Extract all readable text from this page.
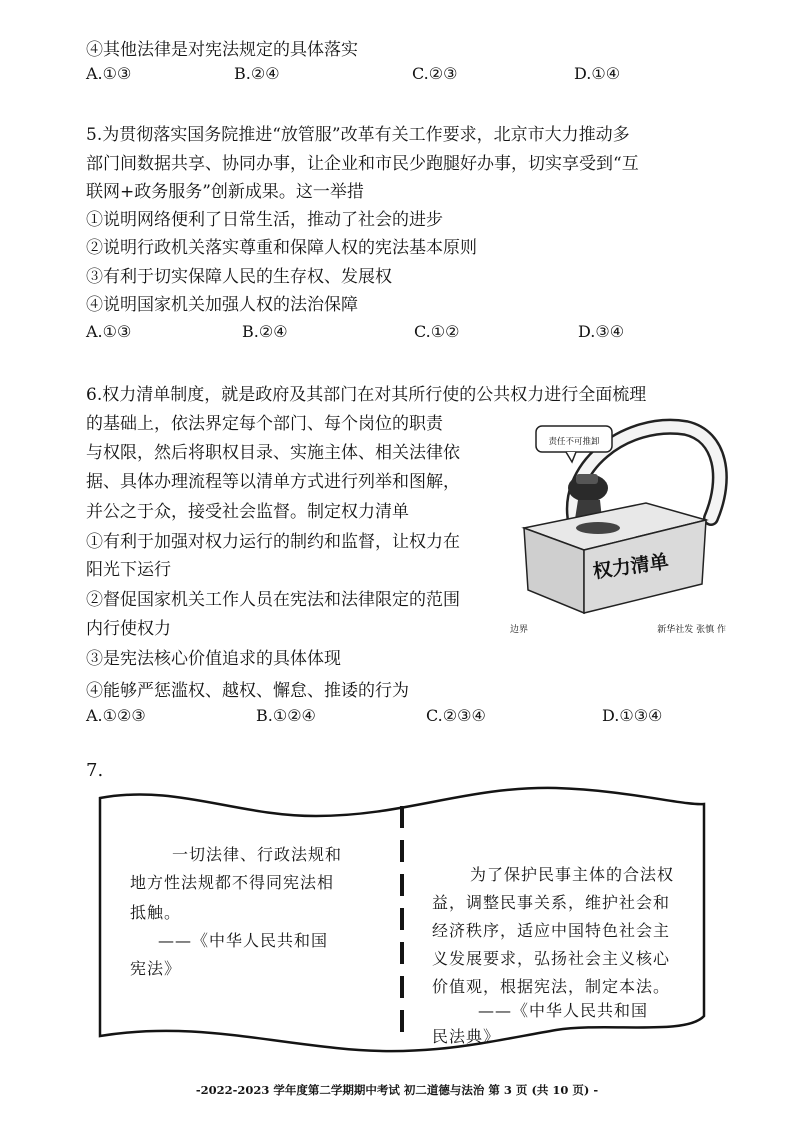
④其他法律是对宪法规定的具体落实
A.①③	B.②④	C.②③	D.①④
5.为贯彻落实国务院推进“放管服”改革有关工作要求，北京市大力推动多
部门间数据共享、协同办事，让企业和市民少跑腿好办事，切实享受到“互
联网+政务服务”创新成果。这一举措
①说明网络便利了日常生活，推动了社会的进步
②说明行政机关落实尊重和保障人权的宪法基本原则
③有利于切实保障人民的生存权、发展权
④说明国家机关加强人权的法治保障
A.①③	B.②④	C.①②	D.③④
6.权力清单制度，就是政府及其部门在对其所行使的公共权力进行全面梳理
的基础上，依法界定每个部门、每个岗位的职责
与权限，然后将职权目录、实施主体、相关法律依
据、具体办理流程等以清单方式进行列举和图解，
并公之于众，接受社会监督。制定权力清单
①有利于加强对权力运行的制约和监督，让权力在
阳光下运行
②督促国家机关工作人员在宪法和法律限定的范围
内行使权力
③是宪法核心价值追求的具体体现
④能够严惩滥权、越权、懈怠、推诿的行为
A.①②③	B.①②④	C.②③④	D.①③④
责任不可推卸
权力清单
边界	新华社发 张慎 作
7.
一切法律、行政法规和
地方性法规都不得同宪法相
抵触。
——《中华人民共和国
宪法》
为了保护民事主体的合法权
益，调整民事关系，维护社会和
经济秩序，适应中国特色社会主
义发展要求，弘扬社会主义核心
价值观，根据宪法，制定本法。
——《中华人民共和国
民法典》
-2022-2023 学年度第二学期期中考试 初二道德与法治 第 3 页 (共 10 页) -
